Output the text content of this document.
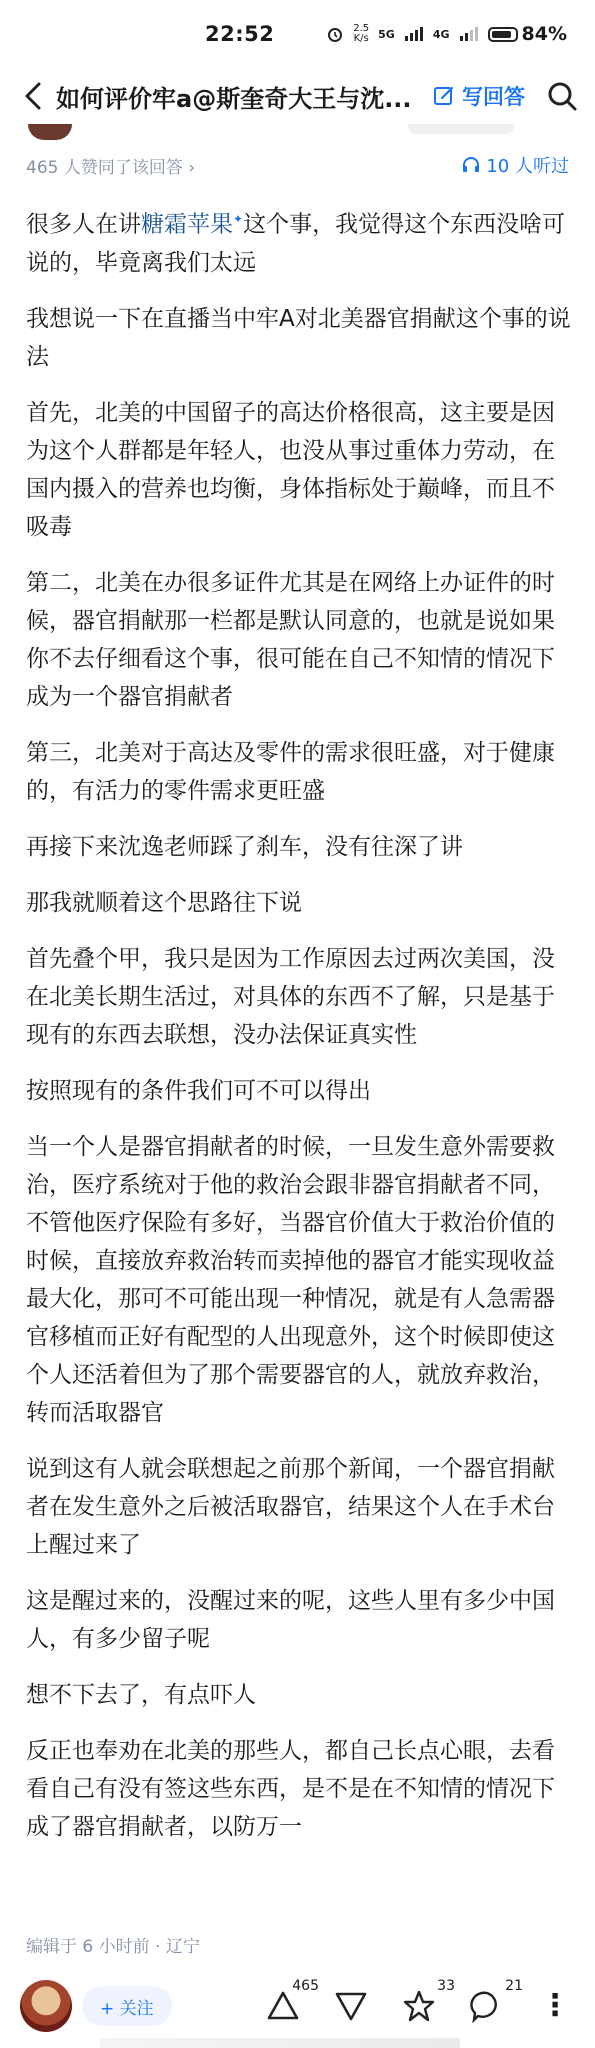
22:52	2.5
K/s 5G	4G	84%
如何评价牢a@斯奎奇大王与沈...	写回答
465 人赞同了该回答 ›	10 人听过

很多人在讲糖霜苹果✦这个事，我觉得这个东西没啥可说的，毕竟离我们太远

我想说一下在直播当中牢A对北美器官捐献这个事的说法

首先，北美的中国留子的高达价格很高，这主要是因为这个人群都是年轻人，也没从事过重体力劳动，在国内摄入的营养也均衡，身体指标处于巅峰，而且不吸毒

第二，北美在办很多证件尤其是在网络上办证件的时候，器官捐献那一栏都是默认同意的，也就是说如果你不去仔细看这个事，很可能在自己不知情的情况下成为一个器官捐献者

第三，北美对于高达及零件的需求很旺盛，对于健康的，有活力的零件需求更旺盛

再接下来沈逸老师踩了刹车，没有往深了讲

那我就顺着这个思路往下说

首先叠个甲，我只是因为工作原因去过两次美国，没在北美长期生活过，对具体的东西不了解，只是基于现有的东西去联想，没办法保证真实性

按照现有的条件我们可不可以得出

当一个人是器官捐献者的时候，一旦发生意外需要救治，医疗系统对于他的救治会跟非器官捐献者不同，不管他医疗保险有多好，当器官价值大于救治价值的时候，直接放弃救治转而卖掉他的器官才能实现收益最大化，那可不可能出现一种情况，就是有人急需器官移植而正好有配型的人出现意外，这个时候即使这个人还活着但为了那个需要器官的人，就放弃救治，转而活取器官

说到这有人就会联想起之前那个新闻，一个器官捐献者在发生意外之后被活取器官，结果这个人在手术台上醒过来了

这是醒过来的，没醒过来的呢，这些人里有多少中国人，有多少留子呢

想不下去了，有点吓人

反正也奉劝在北美的那些人，都自己长点心眼，去看看自己有没有签这些东西，是不是在不知情的情况下成了器官捐献者，以防万一

编辑于 6 小时前 · 辽宁
+ 关注
465	33	21
⋮
